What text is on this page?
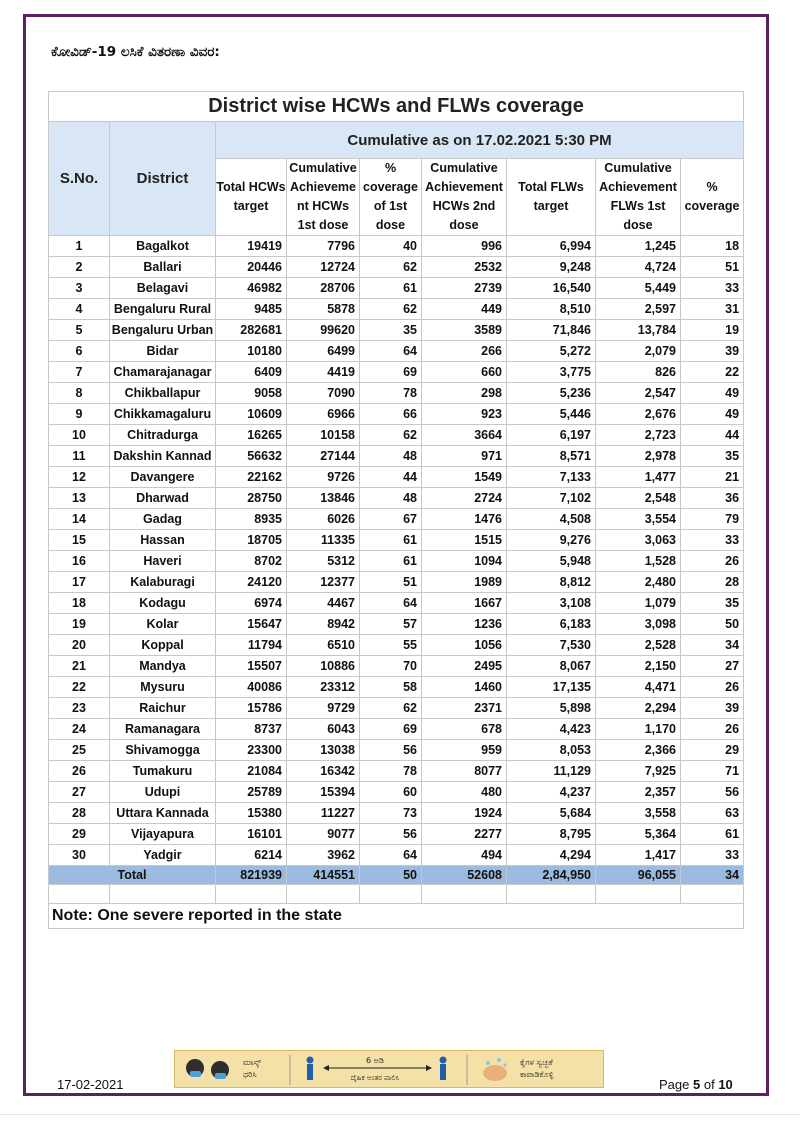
ಕೋವಿಡ್-19 ಲಸಿಕೆ ವಿತರಣಾ ವಿವರ:
District wise HCWs and FLWs coverage								
S.No.	District	Cumulative as on 17.02.2021 5:30 PM						
		Total HCWs target	Cumulative Achieveme nt HCWs 1st dose	% coverage of 1st dose	Cumulative Achievement HCWs 2nd dose	Total FLWs target	Cumulative Achievement FLWs 1st dose	% coverage
1	Bagalkot	19419	7796	40	996	6,994	1,245	18
2	Ballari	20446	12724	62	2532	9,248	4,724	51
3	Belagavi	46982	28706	61	2739	16,540	5,449	33
4	Bengaluru Rural	9485	5878	62	449	8,510	2,597	31
5	Bengaluru Urban	282681	99620	35	3589	71,846	13,784	19
6	Bidar	10180	6499	64	266	5,272	2,079	39
7	Chamarajanagar	6409	4419	69	660	3,775	826	22
8	Chikballapur	9058	7090	78	298	5,236	2,547	49
9	Chikkamagaluru	10609	6966	66	923	5,446	2,676	49
10	Chitradurga	16265	10158	62	3664	6,197	2,723	44
11	Dakshin Kannad	56632	27144	48	971	8,571	2,978	35
12	Davangere	22162	9726	44	1549	7,133	1,477	21
13	Dharwad	28750	13846	48	2724	7,102	2,548	36
14	Gadag	8935	6026	67	1476	4,508	3,554	79
15	Hassan	18705	11335	61	1515	9,276	3,063	33
16	Haveri	8702	5312	61	1094	5,948	1,528	26
17	Kalaburagi	24120	12377	51	1989	8,812	2,480	28
18	Kodagu	6974	4467	64	1667	3,108	1,079	35
19	Kolar	15647	8942	57	1236	6,183	3,098	50
20	Koppal	11794	6510	55	1056	7,530	2,528	34
21	Mandya	15507	10886	70	2495	8,067	2,150	27
22	Mysuru	40086	23312	58	1460	17,135	4,471	26
23	Raichur	15786	9729	62	2371	5,898	2,294	39
24	Ramanagara	8737	6043	69	678	4,423	1,170	26
25	Shivamogga	23300	13038	56	959	8,053	2,366	29
26	Tumakuru	21084	16342	78	8077	11,129	7,925	71
27	Udupi	25789	15394	60	480	4,237	2,357	56
28	Uttara Kannada	15380	11227	73	1924	5,684	3,558	63
29	Vijayapura	16101	9077	56	2277	8,795	5,364	61
30	Yadgir	6214	3962	64	494	4,294	1,417	33
Total		821939	414551	50	52608	2,84,950	96,055	34

Note: One severe reported in the state								
ಮಾಸ್ಕ್
ಧರಿಸಿ
6 ಅಡಿ
ದೈಹಿಕ ಅಂತರ ಪಾಲಿಸಿ
ಕೈಗಳ ಸ್ವಚ್ಛತೆ
ಕಾಪಾಡಿಕೊಳ್ಳಿ
17-02-2021	Page 5 of 10
